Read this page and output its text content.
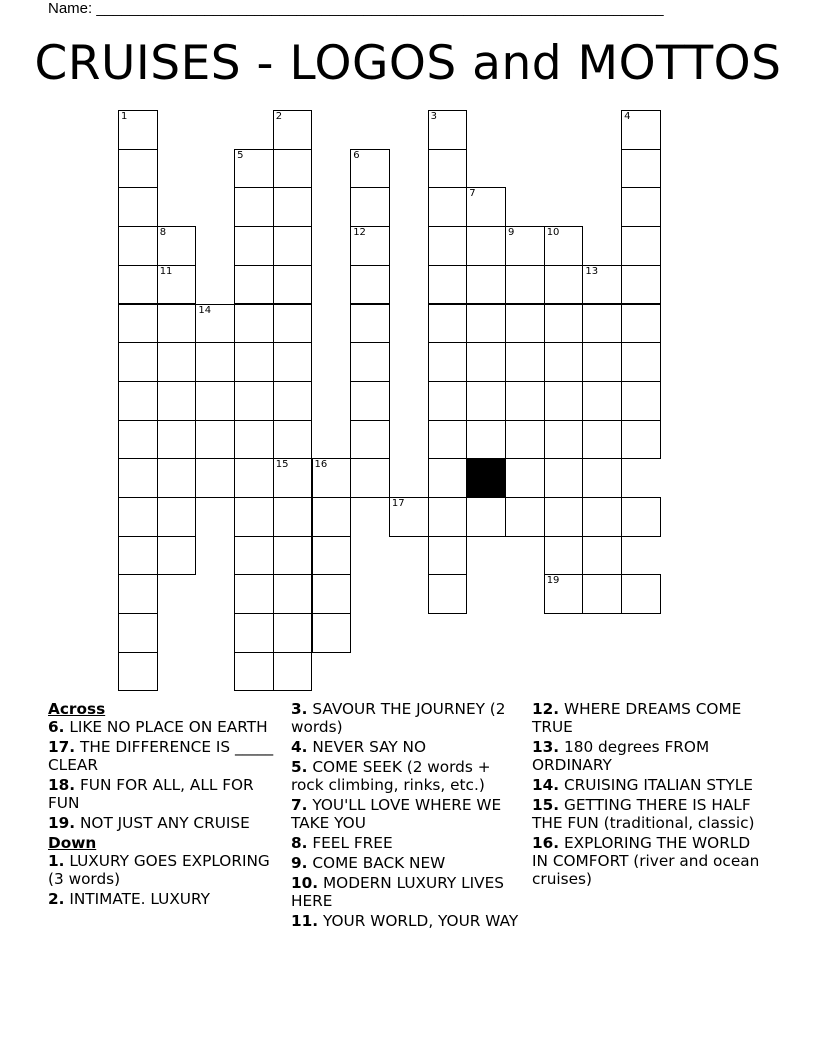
Name: ____________________________________________________________________
CRUISES - LOGOS and MOTTOS
1
8
11
14
5
2
15	16
6
12
17
3
7
9	10
19
13
4
Across
6. LIKE NO PLACE ON EARTH
17. THE DIFFERENCE IS _____ CLEAR
18. FUN FOR ALL, ALL FOR FUN
19. NOT JUST ANY CRUISE
Down
1. LUXURY GOES EXPLORING (3 words)
2. INTIMATE. LUXURY
3. SAVOUR THE JOURNEY (2 words)
4. NEVER SAY NO
5. COME SEEK (2 words + rock climbing, rinks, etc.)
7. YOU'LL LOVE WHERE WE TAKE YOU
8. FEEL FREE
9. COME BACK NEW
10. MODERN LUXURY LIVES HERE
11. YOUR WORLD, YOUR WAY
12. WHERE DREAMS COME TRUE
13. 180 degrees FROM ORDINARY
14. CRUISING ITALIAN STYLE
15. GETTING THERE IS HALF THE FUN (traditional, classic)
16. EXPLORING THE WORLD IN COMFORT (river and ocean cruises)
